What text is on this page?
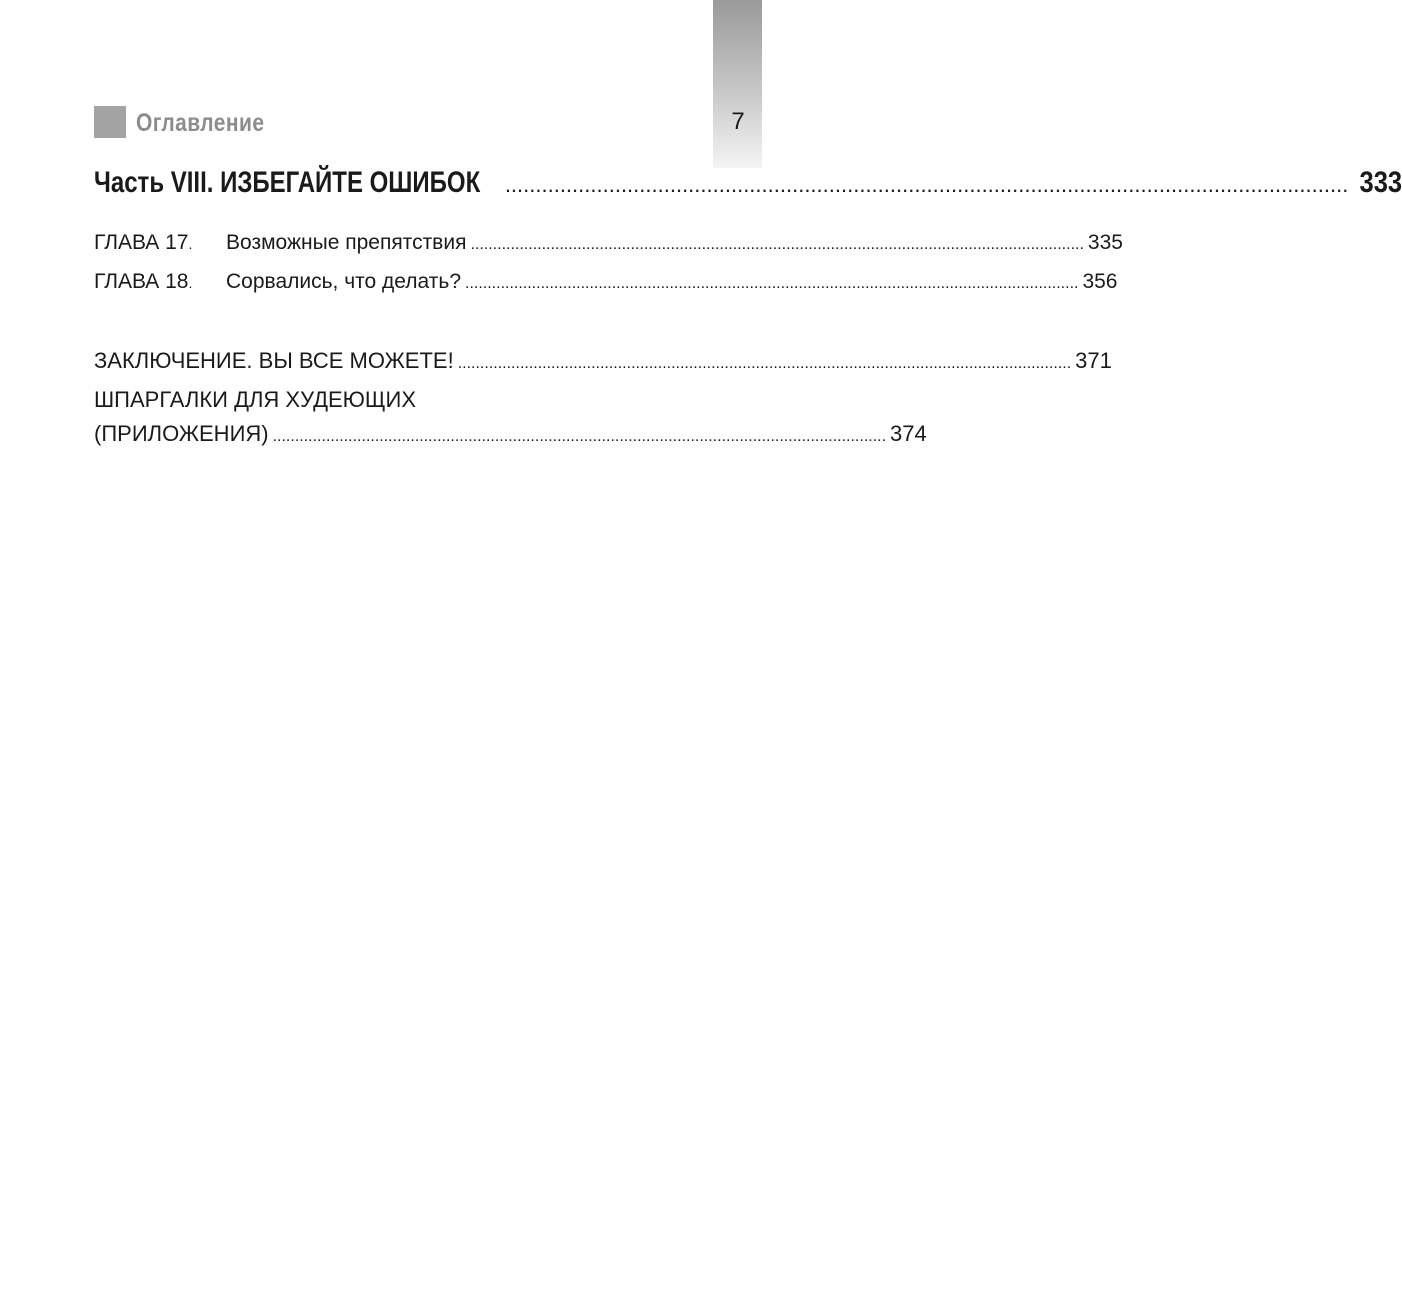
7
Оглавление
Часть VIII. ИЗБЕГАЙТЕ ОШИБОК .......................................................................................................................................... 333
ГЛАВА 17.	Возможные препятствия .......................................................................................................................................... 335
ГЛАВА 18.	Сорвались, что делать? .......................................................................................................................................... 356
ЗАКЛЮЧЕНИЕ. ВЫ ВСЕ МОЖЕТЕ! .......................................................................................................................................... 371
ШПАРГАЛКИ ДЛЯ ХУДЕЮЩИХ
(ПРИЛОЖЕНИЯ) .......................................................................................................................................... 374
